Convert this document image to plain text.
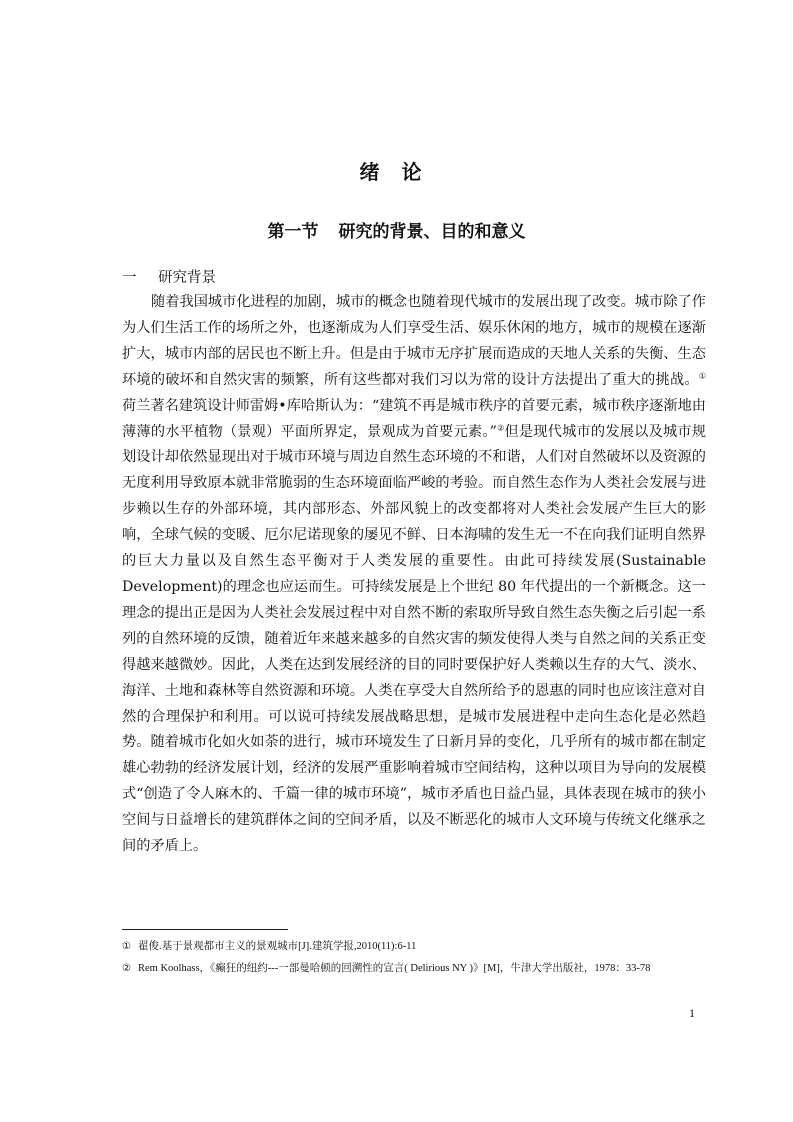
绪论
第一节 研究的背景、目的和意义
一 研究背景

随着我国城市化进程的加剧，城市的概念也随着现代城市的发展出现了改变。城市除了作为人们生活工作的场所之外，也逐渐成为人们享受生活、娱乐休闲的地方，城市的规模在逐渐扩大，城市内部的居民也不断上升。但是由于城市无序扩展而造成的天地人关系的失衡、生态环境的破坏和自然灾害的频繁，所有这些都对我们习以为常的设计方法提出了重大的挑战。①荷兰著名建筑设计师雷姆•库哈斯认为：“建筑不再是城市秩序的首要元素，城市秩序逐渐地由薄薄的水平植物（景观）平面所界定，景观成为首要元素。”②但是现代城市的发展以及城市规划设计却依然显现出对于城市环境与周边自然生态环境的不和谐，人们对自然破坏以及资源的无度利用导致原本就非常脆弱的生态环境面临严峻的考验。而自然生态作为人类社会发展与进步赖以生存的外部环境，其内部形态、外部风貌上的改变都将对人类社会发展产生巨大的影响，全球气候的变暖、厄尔尼诺现象的屡见不鲜、日本海啸的发生无一不在向我们证明自然界的巨大力量以及自然生态平衡对于人类发展的重要性。由此可持续发展(Sustainable Development)的理念也应运而生。可持续发展是上个世纪 80 年代提出的一个新概念。这一理念的提出正是因为人类社会发展过程中对自然不断的索取所导致自然生态失衡之后引起一系列的自然环境的反馈，随着近年来越来越多的自然灾害的频发使得人类与自然之间的关系正变得越来越微妙。因此，人类在达到发展经济的目的同时要保护好人类赖以生存的大气、淡水、海洋、土地和森林等自然资源和环境。人类在享受大自然所给予的恩惠的同时也应该注意对自然的合理保护和利用。可以说可持续发展战略思想，是城市发展进程中走向生态化是必然趋势。随着城市化如火如荼的进行，城市环境发生了日新月异的变化，几乎所有的城市都在制定雄心勃勃的经济发展计划，经济的发展严重影响着城市空间结构，这种以项目为导向的发展模式“创造了令人麻木的、千篇一律的城市环境”，城市矛盾也日益凸显，具体表现在城市的狭小空间与日益增长的建筑群体之间的空间矛盾，以及不断恶化的城市人文环境与传统文化继承之间的矛盾上。

① 翟俊.基于景观都市主义的景观城市[J].建筑学报,2010(11):6-11

② Rem Koolhass，《癫狂的纽约---一部曼哈顿的回溯性的宣言( Delirious NY )》[M]，牛津大学出版社，1978：33-78

1
